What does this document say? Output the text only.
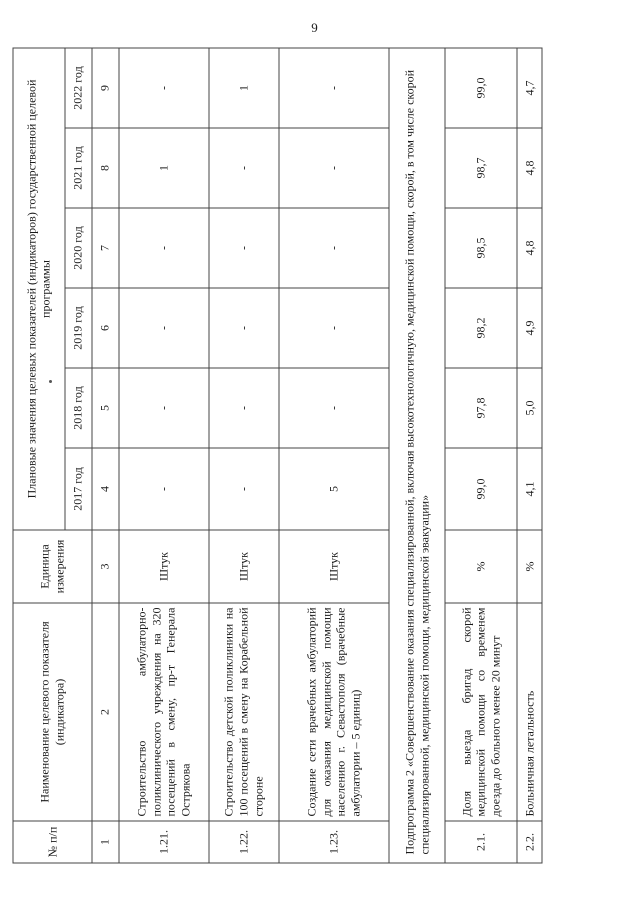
9
№ п/п	Наименование целевого показателя (индикатора)	Единица измерения	Плановые значения целевых показателей (индикаторов) государственной целевой программы					
			2017 год	2018 год	2019 год	2020 год	2021 год	2022 год
1	2	3	4	5	6	7	8	9
1.21.	Строительство амбулаторно-поликлинического учреждения на 320 посещений в смену, пр-т Генерала Острякова	Штук	-	-	-	-	1	-
1.22.	Строительство детской поликлиники на 100 посещений в смену на Корабельной стороне	Штук	-	-	-	-	-	1
1.23.	Создание сети врачебных амбулаторий для оказания медицинской помощи населению г. Севастополя (врачебные амбулатории – 5 единиц)	Штук	5	-	-	-	-	-
Подпрограмма 2 «Совершенствование оказания специализированной, включая высокотехнологичную, медицинской помощи, скорой, в том числе скорой специализированной, медицинской помощи, медицинской эвакуации»								
2.1.	Доля выезда бригад скорой медицинской помощи со временем доезда до больного менее 20 минут	%	99,0	97,8	98,2	98,5	98,7	99,0
2.2.	Больничная летальность	%	4,1	5,0	4,9	4,8	4,8	4,7
